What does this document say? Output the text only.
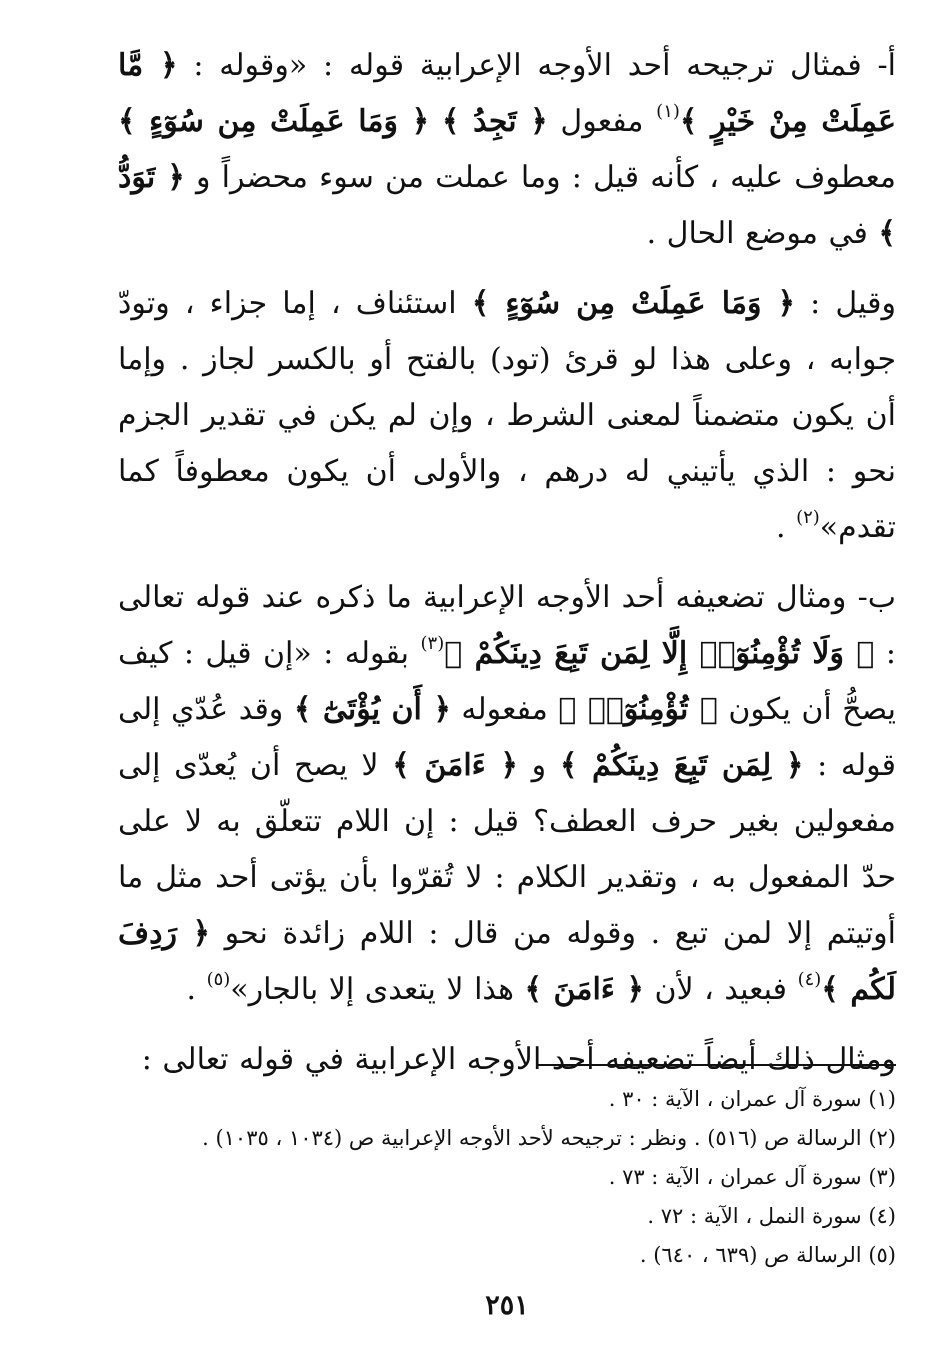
أ- فمثال ترجيحه أحد الأوجه الإعرابية قوله : «وقوله : ﴿ مَّا عَمِلَتْ مِنْ خَيْرٍ ﴾$^{(١)}$ مفعول ﴿ تَجِدُ ﴾ ﴿ وَمَا عَمِلَتْ مِن سُوٓءٍ ﴾ معطوف عليه ، كأنه قيل : وما عملت من سوء محضراً و ﴿ تَوَدُّ ﴾ في موضع الحال .

وقيل : ﴿ وَمَا عَمِلَتْ مِن سُوٓءٍ ﴾ استئناف ، إما جزاء ، وتودّ جوابه ، وعلى هذا لو قرئ (تود) بالفتح أو بالكسر لجاز . وإما أن يكون متضمناً لمعنى الشرط ، وإن لم يكن في تقدير الجزم نحو : الذي يأتيني له درهم ، والأولى أن يكون معطوفاً كما تقدم»$^{(٢)}$ .

ب- ومثال تضعيفه أحد الأوجه الإعرابية ما ذكره عند قوله تعالى : ﴿ وَلَا تُؤْمِنُوٓا۟ إِلَّا لِمَن تَبِعَ دِينَكُمْ ﴾$^{(٣)}$ بقوله : «إن قيل : كيف يصحُّ أن يكون ﴿ تُؤْمِنُوٓا۟ ﴾ مفعوله ﴿ أَن يُؤْتَىٰٓ ﴾ وقد عُدّي إلى قوله : ﴿ لِمَن تَبِعَ دِينَكُمْ ﴾ و ﴿ ءَامَنَ ﴾ لا يصح أن يُعدّى إلى مفعولين بغير حرف العطف؟ قيل : إن اللام تتعلّق به لا على حدّ المفعول به ، وتقدير الكلام : لا تُقرّوا بأن يؤتى أحد مثل ما أوتيتم إلا لمن تبع . وقوله من قال : اللام زائدة نحو ﴿ رَدِفَ لَكُم ﴾$^{(٤)}$ فبعيد ، لأن ﴿ ءَامَنَ ﴾ هذا لا يتعدى إلا بالجار»$^{(٥)}$ .

ومثال ذلك أيضاً تضعيفه أحد الأوجه الإعرابية في قوله تعالى :

(١) سورة آل عمران ، الآية : ٣٠ .
(٢) الرسالة ص (٥١٦) . ونظر : ترجيحه لأحد الأوجه الإعرابية ص (١٠٣٤ ، ١٠٣٥) .
(٣) سورة آل عمران ، الآية : ٧٣ .
(٤) سورة النمل ، الآية : ٧٢ .
(٥) الرسالة ص (٦٣٩ ، ٦٤٠) .
٢٥١
